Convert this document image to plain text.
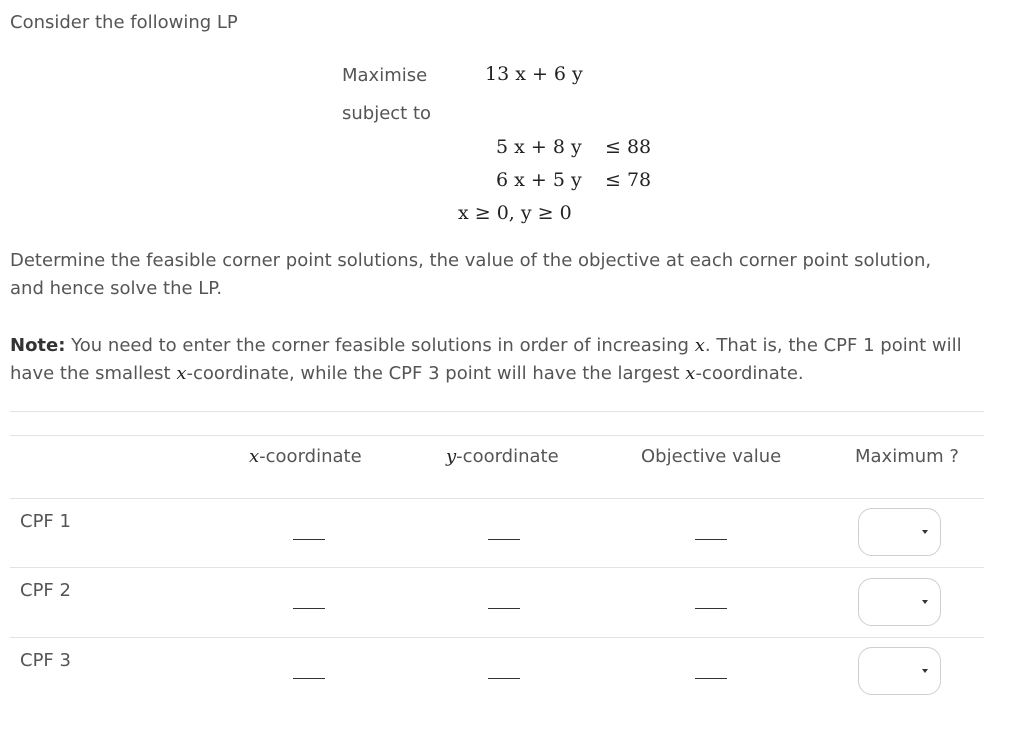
Consider the following LP
Maximise	13 x + 6 y
subject to
5 x + 8 y ≤ 88
6 x + 5 y ≤ 78
x ≥ 0, y ≥ 0
Determine the feasible corner point solutions, the value of the objective at each corner point solution,
and hence solve the LP.
Note: You need to enter the corner feasible solutions in order of increasing x. That is, the CPF 1 point will
have the smallest x-coordinate, while the CPF 3 point will have the largest x-coordinate.
x-coordinate	y-coordinate	Objective value	Maximum ?
CPF 1
CPF 2
CPF 3
